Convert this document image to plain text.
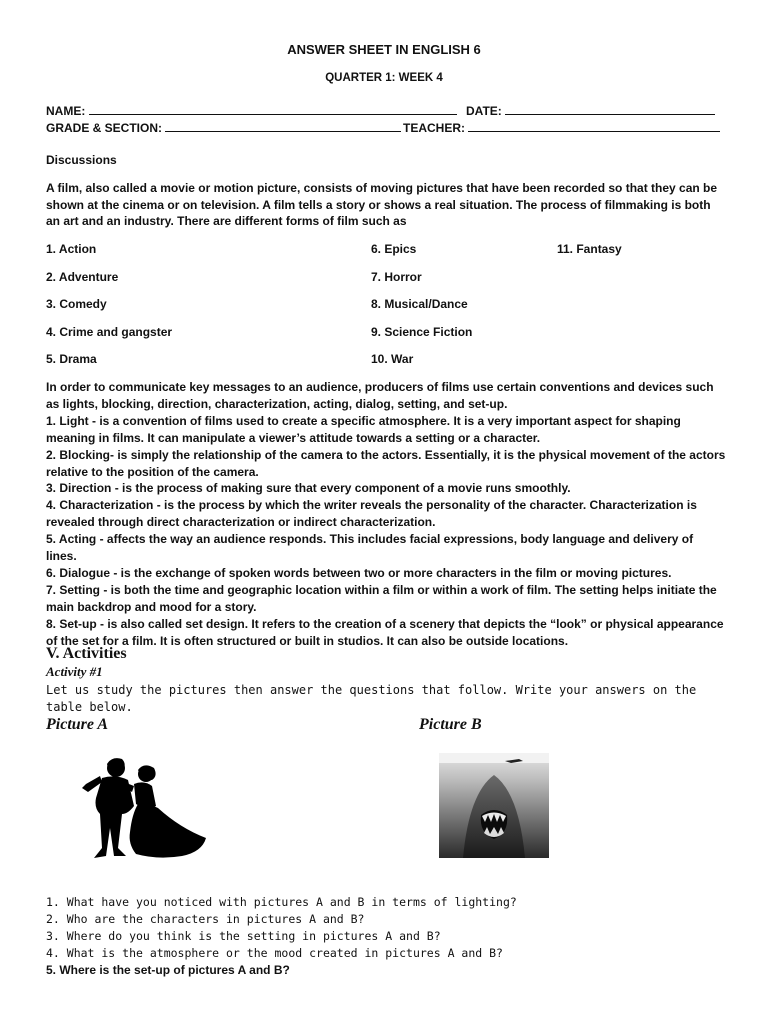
ANSWER SHEET IN ENGLISH 6
QUARTER 1: WEEK 4
NAME:	DATE:
GRADE & SECTION:	TEACHER:
Discussions
A film, also called a movie or motion picture, consists of moving pictures that have been recorded so that they can be shown at the cinema or on television. A film tells a story or shows a real situation. The process of filmmaking is both an art and an industry. There are different forms of film such as
1. Action
2. Adventure
3. Comedy
4. Crime and gangster
5. Drama
6. Epics
7. Horror
8. Musical/Dance
9. Science Fiction
10. War
11. Fantasy

In order to communicate key messages to an audience, producers of films use certain conventions and devices such as lights, blocking, direction, characterization, acting, dialog, setting, and set-up.

1. Light - is a convention of films used to create a specific atmosphere. It is a very important aspect for shaping meaning in films. It can manipulate a viewer’s attitude towards a setting or a character.

2. Blocking- is simply the relationship of the camera to the actors. Essentially, it is the physical movement of the actors relative to the position of the camera.

3. Direction - is the process of making sure that every component of a movie runs smoothly.

4. Characterization - is the process by which the writer reveals the personality of the character. Characterization is revealed through direct characterization or indirect characterization.

5. Acting - affects the way an audience responds. This includes facial expressions, body language and delivery of lines.

6. Dialogue - is the exchange of spoken words between two or more characters in the film or moving pictures.

7. Setting - is both the time and geographic location within a film or within a work of film. The setting helps initiate the main backdrop and mood for a story.

8. Set-up - is also called set design. It refers to the creation of a scenery that depicts the “look” or physical appearance of the set for a film. It is often structured or built in studios. It can also be outside locations.

V. Activities
Activity #1
Let us study the pictures then answer the questions that follow. Write your answers on the table below.
Picture A	Picture B
1. What have you noticed with pictures A and B in terms of lighting?
2. Who are the characters in pictures A and B?
3. Where do you think is the setting in pictures A and B?
4. What is the atmosphere or the mood created in pictures A and B?
5. Where is the set-up of pictures A and B?
